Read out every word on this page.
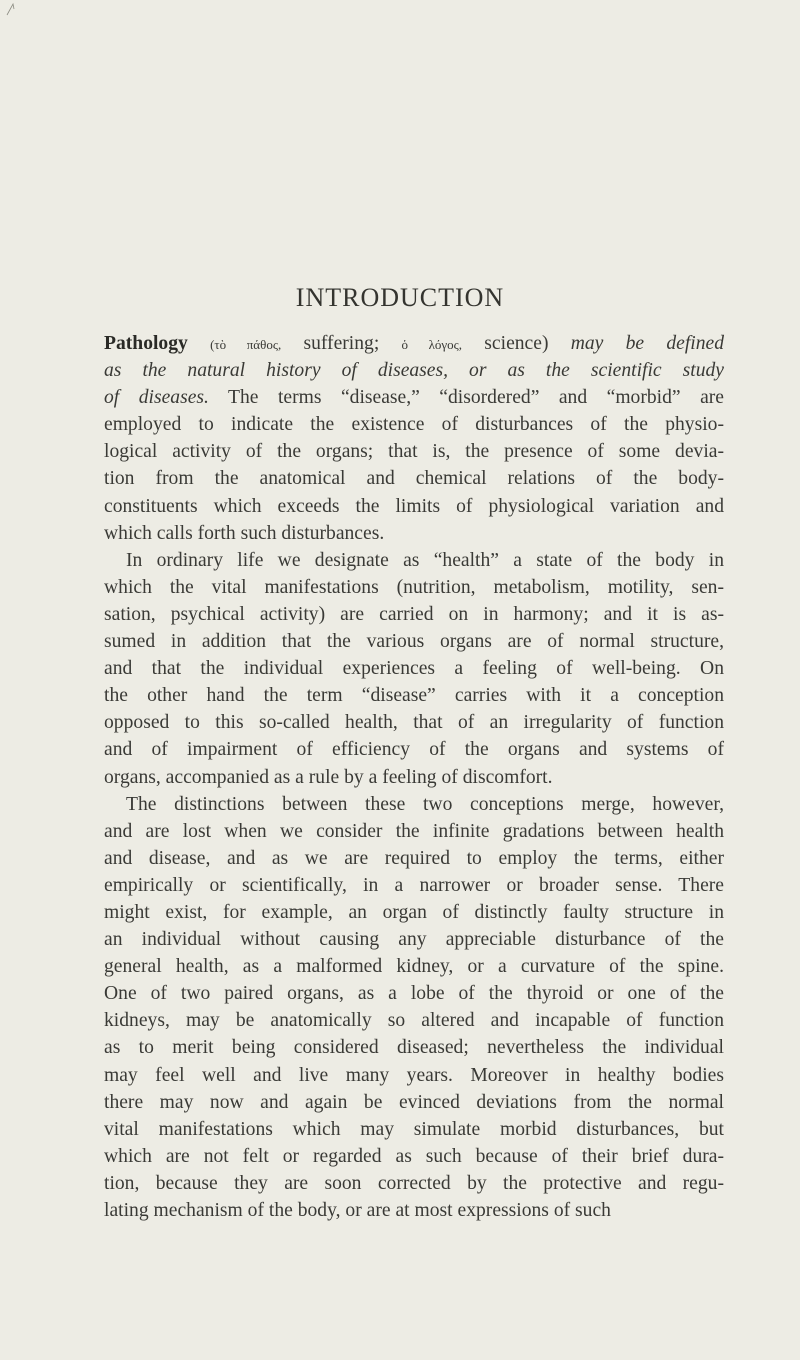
INTRODUCTION
Pathology (τὸ πάθος, suffering; ὁ λόγος, science) may be defined
as the natural history of diseases, or as the scientific study
of diseases. The terms “disease,” “disordered” and “morbid” are
employed to indicate the existence of disturbances of the physio-
logical activity of the organs; that is, the presence of some devia-
tion from the anatomical and chemical relations of the body-
constituents which exceeds the limits of physiological variation and
which calls forth such disturbances.
In ordinary life we designate as “health” a state of the body in
which the vital manifestations (nutrition, metabolism, motility, sen-
sation, psychical activity) are carried on in harmony; and it is as-
sumed in addition that the various organs are of normal structure,
and that the individual experiences a feeling of well-being. On
the other hand the term “disease” carries with it a conception
opposed to this so-called health, that of an irregularity of function
and of impairment of efficiency of the organs and systems of
organs, accompanied as a rule by a feeling of discomfort.
The distinctions between these two conceptions merge, however,
and are lost when we consider the infinite gradations between health
and disease, and as we are required to employ the terms, either
empirically or scientifically, in a narrower or broader sense. There
might exist, for example, an organ of distinctly faulty structure in
an individual without causing any appreciable disturbance of the
general health, as a malformed kidney, or a curvature of the spine.
One of two paired organs, as a lobe of the thyroid or one of the
kidneys, may be anatomically so altered and incapable of function
as to merit being considered diseased; nevertheless the individual
may feel well and live many years. Moreover in healthy bodies
there may now and again be evinced deviations from the normal
vital manifestations which may simulate morbid disturbances, but
which are not felt or regarded as such because of their brief dura-
tion, because they are soon corrected by the protective and regu-
lating mechanism of the body, or are at most expressions of such
